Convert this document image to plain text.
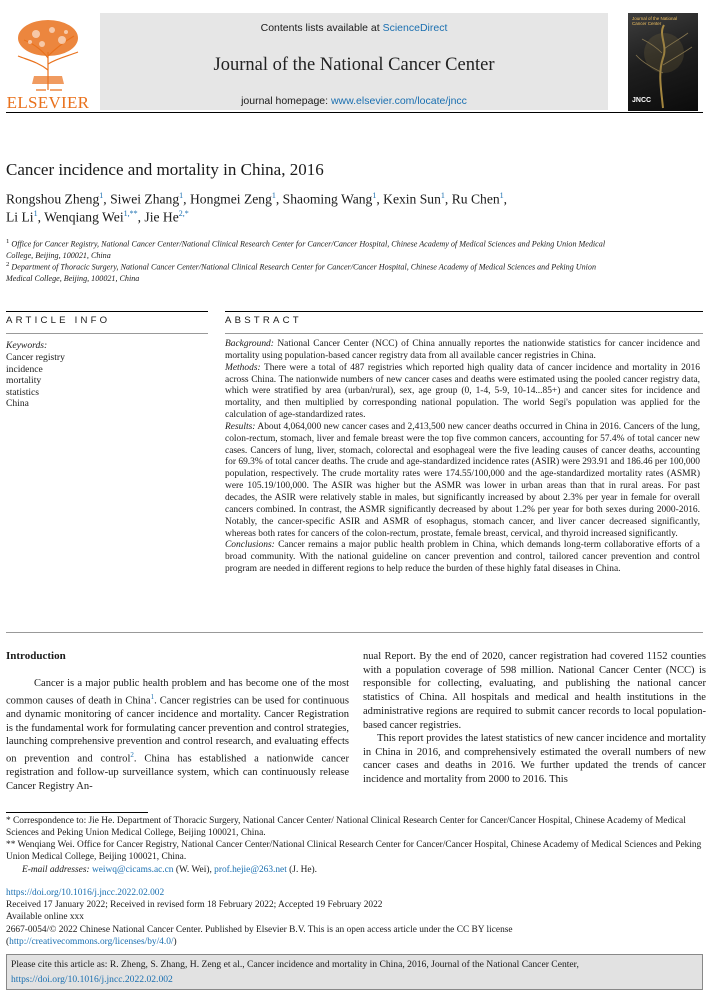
ELSEVIER
Contents lists available at ScienceDirect
Journal of the National Cancer Center
journal homepage: www.elsevier.com/locate/jncc
Journal of the National Cancer Center
JNCC
Cancer incidence and mortality in China, 2016
Rongshou Zheng$^1$, Siwei Zhang$^1$, Hongmei Zeng$^1$, Shaoming Wang$^1$, Kexin Sun$^1$, Ru Chen$^1$,
Li Li$^1$, Wenqiang Wei$^{1,**}$, Jie $He^{2,*}$
$^1$ Office for Cancer Registry, National Cancer Center/National Clinical Research Center for Cancer/Cancer Hospital, Chinese Academy of Medical Sciences and Peking Union Medical College, Beijing, 100021, China
$^2$ Department of Thoracic Surgery, National Cancer Center/National Clinical Research Center for Cancer/Cancer Hospital, Chinese Academy of Medical Sciences and Peking Union Medical College, Beijing, 100021, China
ARTICLE INFO
Keywords:
Cancer registry
incidence
mortality
statistics
China
ABSTRACT
Background: National Cancer Center (NCC) of China annually reportes the nationwide statistics for cancer incidence and mortality using population-based cancer registry data from all available cancer registries in China.
Methods: There were a total of 487 registries which reported high quality data of cancer incidence and mortality in 2016 across China. The nationwide numbers of new cancer cases and deaths were estimated using the pooled cancer registry data, which were stratified by area (urban/rural), sex, age group (0, 1-4, 5-9, 10-14...85+) and cancer sites for incidence and mortality, and then multiplied by corresponding national population. The world Segi's population was applied for the calculation of age-standardized rates.
Results: About 4,064,000 new cancer cases and 2,413,500 new cancer deaths occurred in China in 2016. Cancers of the lung, colon-rectum, stomach, liver and female breast were the top five common cancers, accounting for 57.4% of total cancer new cases. Cancers of lung, liver, stomach, colorectal and esophageal were the five leading causes of cancer deaths, accounting for 69.3% of total cancer deaths. The crude and age-standardized incidence rates (ASIR) were 293.91 and 186.46 per 100,000 population, respectively. The crude mortality rates were 174.55/100,000 and the age-standardized mortality rates (ASMR) were 105.19/100,000. The ASIR was higher but the ASMR was lower in urban areas than that in rural areas. For past decades, the ASIR were relatively stable in males, but significantly increased by about 2.3% per year in female for overall cancers combined. In contrast, the ASMR significantly decreased by about 1.2% per year for both sexes during 2000-2016. Notably, the cancer-specific ASIR and ASMR of esophagus, stomach cancer, and liver cancer decreased significantly, whereas both rates for cancers of the colon-rectum, prostate, female breast, cervical, and thyroid increased significantly.
Conclusions: Cancer remains a major public health problem in China, which demands long-term collaborative efforts of a broad community. With the national guideline on cancer prevention and control, tailored cancer prevention and control program are needed in different regions to help reduce the burden of these highly fatal diseases in China.
Introduction
Cancer is a major public health problem and has become one of the most common causes of death in China$^1$. Cancer registries can be used for continuous and dynamic monitoring of cancer incidence and mortality. Cancer Registration is the fundamental work for formulating cancer prevention and control strategies, launching comprehensive prevention and control research, and evaluating effects on prevention and control$^2$. China has established a nationwide cancer registration and follow-up surveillance system, which can continuously release Cancer Registry An-
nual Report. By the end of 2020, cancer registration had covered 1152 counties with a population coverage of 598 million. National Cancer Center (NCC) is responsible for collecting, evaluating, and publishing the national cancer statistics of China. All hospitals and medical and health institutions in the administrative regions are required to submit cancer records to local population-based cancer registries.
This report provides the latest statistics of new cancer incidence and mortality in China in 2016, and comprehensively estimated the overall numbers of new cancer cases and deaths in 2016. We further updated the trends of cancer incidence and mortality from 2000 to 2016. This
* Correspondence to: Jie He. Department of Thoracic Surgery, National Cancer Center/ National Clinical Research Center for Cancer/Cancer Hospital, Chinese Academy of Medical Sciences and Peking Union Medical College, Beijing 100021, China.
** Wenqiang Wei. Office for Cancer Registry, National Cancer Center/National Clinical Research Center for Cancer/Cancer Hospital, Chinese Academy of Medical Sciences and Peking Union Medical College, Beijing 100021, China.
E-mail addresses: weiwq@cicams.ac.cn (W. Wei), prof.hejie@263.net (J. He).
https://doi.org/10.1016/j.jncc.2022.02.002
Received 17 January 2022; Received in revised form 18 February 2022; Accepted 19 February 2022
Available online xxx
2667-0054/© 2022 Chinese National Cancer Center. Published by Elsevier B.V. This is an open access article under the CC BY license
(http://creativecommons.org/licenses/by/4.0/)
Please cite this article as: R. Zheng, S. Zhang, H. Zeng et al., Cancer incidence and mortality in China, 2016, Journal of the National Cancer Center,
https://doi.org/10.1016/j.jncc.2022.02.002
